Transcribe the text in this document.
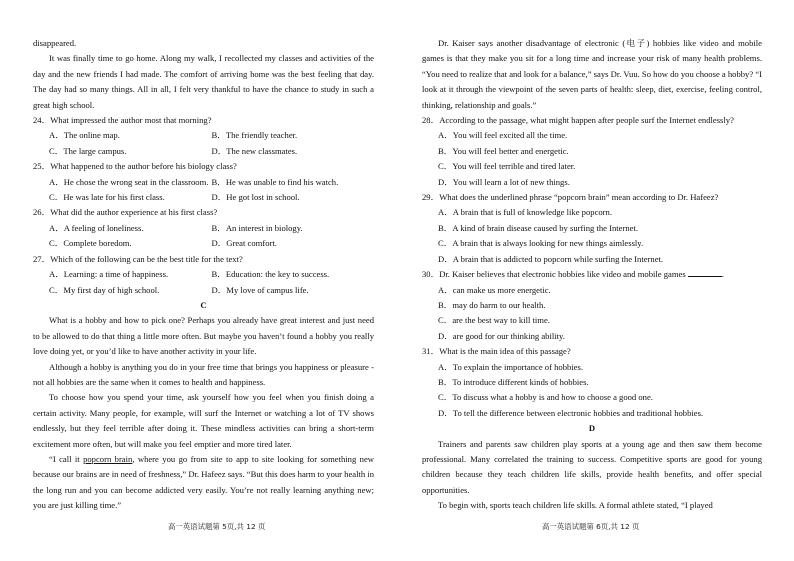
disappeared.

It was finally time to go home. Along my walk, I recollected my classes and activities of the day and the new friends I had made. The comfort of arriving home was the best feeling that day. The day had so many things. All in all, I felt very thankful to have the chance to study in such a great high school.

24．What impressed the author most that morning?

A．The online map.	B．The friendly teacher.
C．The large campus.	D．The new classmates.

25．What happened to the author before his biology class?

A．He chose the wrong seat in the classroom. B．He was unable to find his watch.
C．He was late for his first class.	D．He got lost in school.

26．What did the author experience at his first class?

A．A feeling of loneliness.	B．An interest in biology.
C．Complete boredom.	D．Great comfort.

27．Which of the following can be the best title for the text?

A．Learning: a time of happiness.	B．Education: the key to success.
C．My first day of high school.	D．My love of campus life.

C

What is a hobby and how to pick one? Perhaps you already have great interest and just need to be allowed to do that thing a little more often. But maybe you haven’t found a hobby you really love doing yet, or you’d like to have another activity in your life.

Although a hobby is anything you do in your free time that brings you happiness or pleasure - not all hobbies are the same when it comes to health and happiness.

To choose how you spend your time, ask yourself how you feel when you finish doing a certain activity. Many people, for example, will surf the Internet or watching a lot of TV shows endlessly, but they feel terrible after doing it. These mindless activities can bring a short-term excitement more often, but will make you feel emptier and more tired later.

“I call it popcorn brain, where you go from site to app to site looking for something new because our brains are in need of freshness,” Dr. Hafeez says. “But this does harm to your health in the long run and you can become addicted very easily. You’re not really learning anything new; you are just killing time.”

Dr. Kaiser says another disadvantage of electronic (电子) hobbies like video and mobile games is that they make you sit for a long time and increase your risk of many health problems. “You need to realize that and look for a balance,” says Dr. Vuu. So how do you choose a hobby? “I look at it through the viewpoint of the seven parts of health: sleep, diet, exercise, feeling control, thinking, relationship and goals.”

28．According to the passage, what might happen after people surf the Internet endlessly?

A．You will feel excited all the time.
B．You will feel better and energetic.
C．You will feel terrible and tired later.
D．You will learn a lot of new things.

29．What does the underlined phrase “popcorn brain” mean according to Dr. Hafeez?

A．A brain that is full of knowledge like popcorn.
B．A kind of brain disease caused by surfing the Internet.
C．A brain that is always looking for new things aimlessly.
D．A brain that is addicted to popcorn while surfing the Internet.

30．Dr. Kaiser believes that electronic hobbies like video and mobile games	.

A．can make us more energetic.
B．may do harm to our health.
C．are the best way to kill time.
D．are good for our thinking ability.

31．What is the main idea of this passage?

A．To explain the importance of hobbies.
B．To introduce different kinds of hobbies.
C．To discuss what a hobby is and how to choose a good one.
D．To tell the difference between electronic hobbies and traditional hobbies.

D

Trainers and parents saw children play sports at a young age and then saw them become professional. Many correlated the training to success. Competitive sports are good for young children because they teach children life skills, provide health benefits, and offer special opportunities.

To begin with, sports teach children life skills. A formal athlete stated, “I played

高一英语试题第 5页,共 12 页	高一英语试题第 6页,共 12 页
